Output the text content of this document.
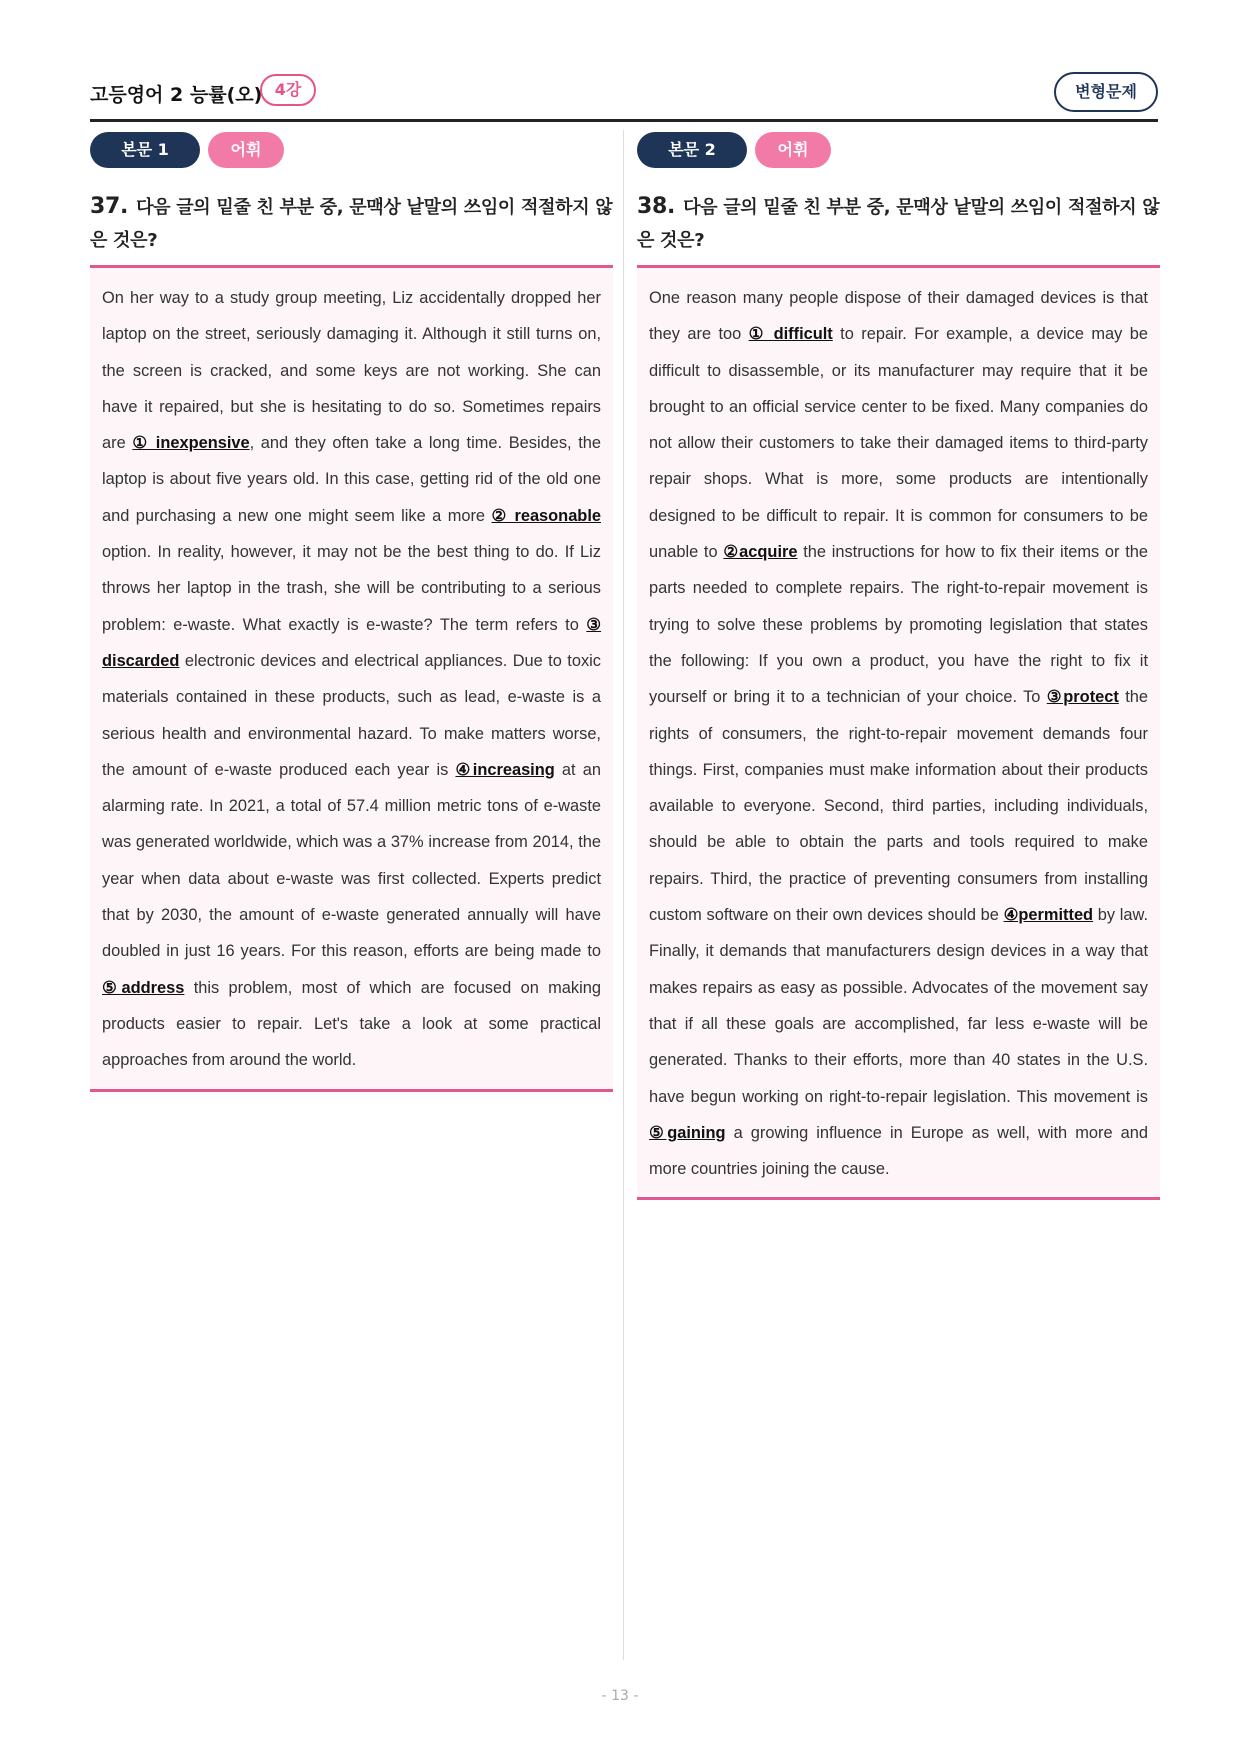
고등영어 2 능률(오) 4강	변형문제
본문 1	어휘
37. 다음 글의 밑줄 친 부분 중, 문맥상 낱말의 쓰임이 적절하지 않은 것은?
On her way to a study group meeting, Liz accidentally dropped her laptop on the street, seriously damaging it. Although it still turns on, the screen is cracked, and some keys are not working. She can have it repaired, but she is hesitating to do so. Sometimes repairs are ① inexpensive, and they often take a long time. Besides, the laptop is about five years old. In this case, getting rid of the old one and purchasing a new one might seem like a more ② reasonable option. In reality, however, it may not be the best thing to do. If Liz throws her laptop in the trash, she will be contributing to a serious problem: e-waste. What exactly is e-waste? The term refers to ③ discarded electronic devices and electrical appliances. Due to toxic materials contained in these products, such as lead, e-waste is a serious health and environmental hazard. To make matters worse, the amount of e-waste produced each year is ④increasing at an alarming rate. In 2021, a total of 57.4 million metric tons of e-waste was generated worldwide, which was a 37% increase from 2014, the year when data about e-waste was first collected. Experts predict that by 2030, the amount of e-waste generated annually will have doubled in just 16 years. For this reason, efforts are being made to ⑤address this problem, most of which are focused on making products easier to repair. Let's take a look at some practical approaches from around the world.
본문 2	어휘
38. 다음 글의 밑줄 친 부분 중, 문맥상 낱말의 쓰임이 적절하지 않은 것은?
One reason many people dispose of their damaged devices is that they are too ① difficult to repair. For example, a device may be difficult to disassemble, or its manufacturer may require that it be brought to an official service center to be fixed. Many companies do not allow their customers to take their damaged items to third-party repair shops. What is more, some products are intentionally designed to be difficult to repair. It is common for consumers to be unable to ②acquire the instructions for how to fix their items or the parts needed to complete repairs. The right-to-repair movement is trying to solve these problems by promoting legislation that states the following: If you own a product, you have the right to fix it yourself or bring it to a technician of your choice. To ③protect the rights of consumers, the right-to-repair movement demands four things. First, companies must make information about their products available to everyone. Second, third parties, including individuals, should be able to obtain the parts and tools required to make repairs. Third, the practice of preventing consumers from installing custom software on their own devices should be ④permitted by law. Finally, it demands that manufacturers design devices in a way that makes repairs as easy as possible. Advocates of the movement say that if all these goals are accomplished, far less e-waste will be generated. Thanks to their efforts, more than 40 states in the U.S. have begun working on right-to-repair legislation. This movement is ⑤gaining a growing influence in Europe as well, with more and more countries joining the cause.
- 13 -
